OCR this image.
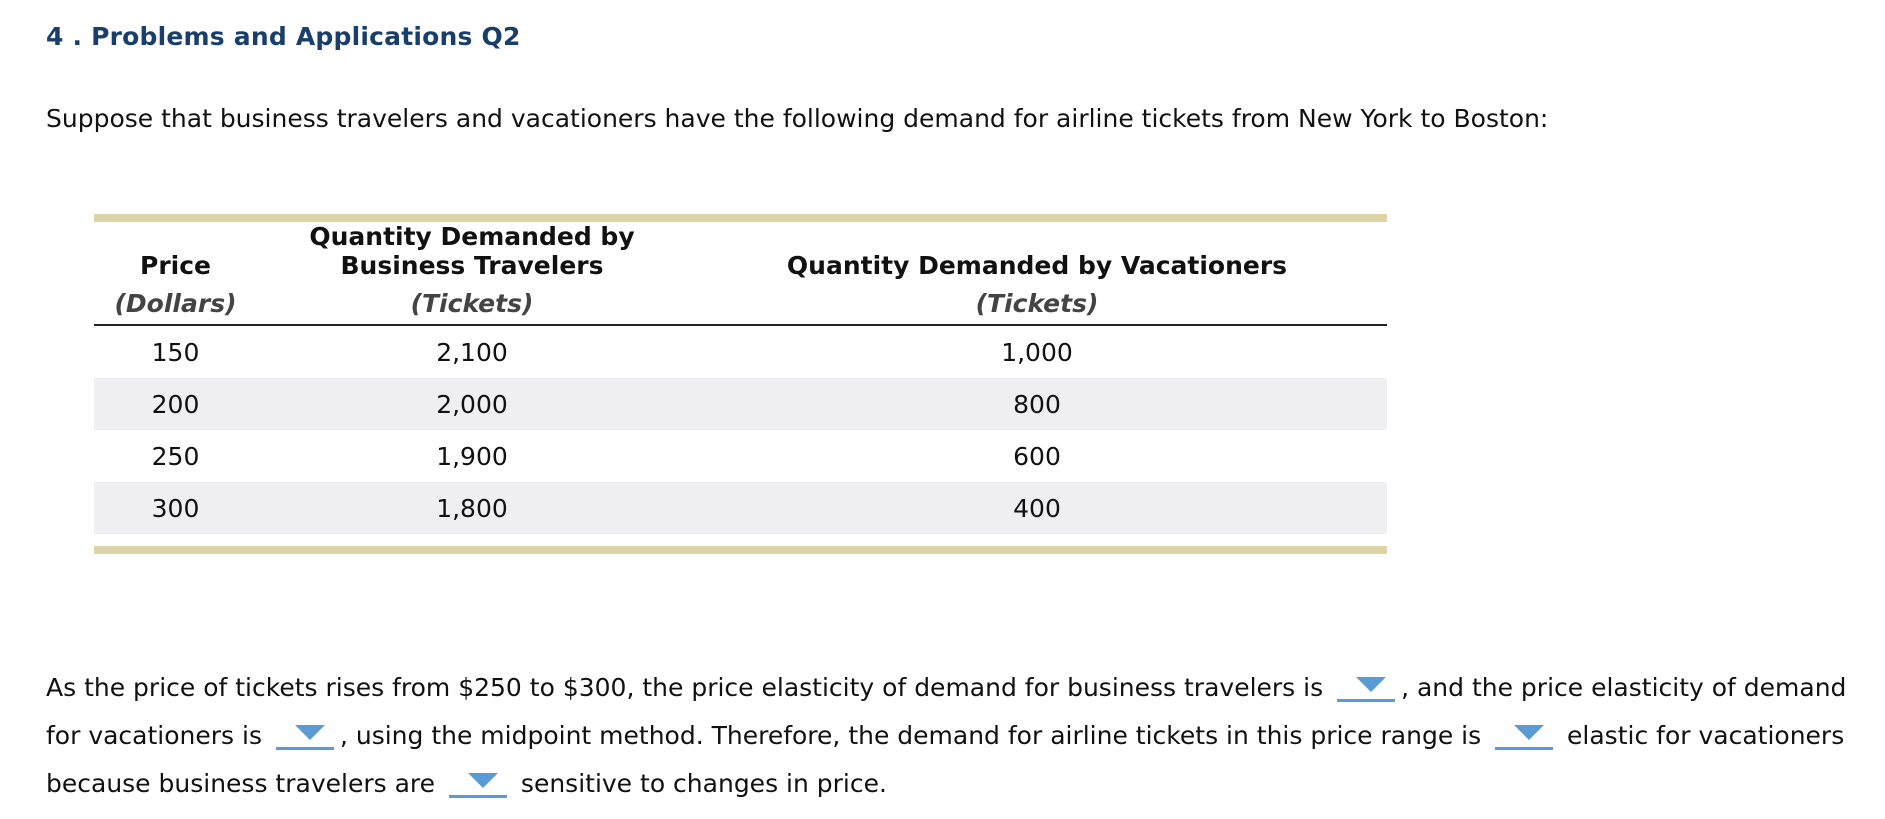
4 . Problems and Applications Q2
Suppose that business travelers and vacationers have the following demand for airline tickets from New York to Boston:
Price	Quantity Demanded by Business Travelers	Quantity Demanded by Vacationers
(Dollars)	(Tickets)	(Tickets)
150	2,100	1,000
200	2,000	800
250	1,900	600
300	1,800	400
As the price of tickets rises from $250 to $300, the price elasticity of demand for business travelers is	, and the price elasticity of demand for vacationers is	, using the midpoint method. Therefore, the demand for airline tickets in this price range is	elastic for vacationers because business travelers are	sensitive to changes in price.
